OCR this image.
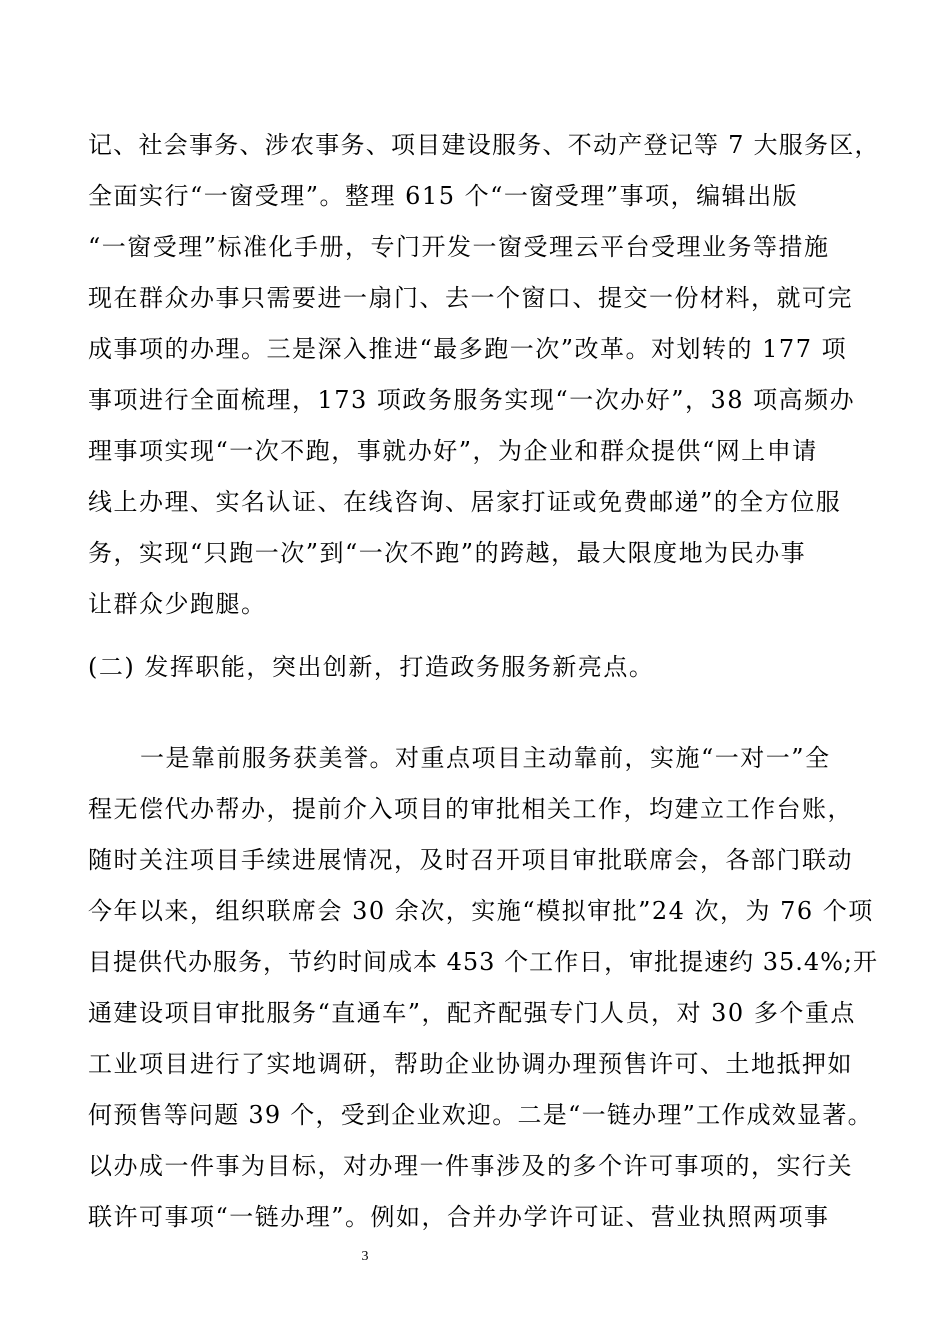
记、社会事务、涉农事务、项目建设服务、不动产登记等 7 大服务区，
全面实行“一窗受理”。整理 615 个“一窗受理”事项，编辑出版
“一窗受理”标准化手册，专门开发一窗受理云平台受理业务等措施
现在群众办事只需要进一扇门、去一个窗口、提交一份材料，就可完
成事项的办理。三是深入推进“最多跑一次”改革。对划转的 177 项
事项进行全面梳理，173 项政务服务实现“一次办好”，38 项高频办
理事项实现“一次不跑，事就办好”，为企业和群众提供“网上申请
线上办理、实名认证、在线咨询、居家打证或免费邮递”的全方位服
务，实现“只跑一次”到“一次不跑”的跨越，最大限度地为民办事
让群众少跑腿。
(二) 发挥职能，突出创新，打造政务服务新亮点。
一是靠前服务获美誉。对重点项目主动靠前，实施“一对一”全
程无偿代办帮办，提前介入项目的审批相关工作，均建立工作台账，
随时关注项目手续进展情况，及时召开项目审批联席会，各部门联动
今年以来，组织联席会 30 余次，实施“模拟审批”24 次，为 76 个项
目提供代办服务，节约时间成本 453 个工作日，审批提速约 35.4%;开
通建设项目审批服务“直通车”，配齐配强专门人员，对 30 多个重点
工业项目进行了实地调研，帮助企业协调办理预售许可、土地抵押如
何预售等问题 39 个，受到企业欢迎。二是“一链办理”工作成效显著。
以办成一件事为目标，对办理一件事涉及的多个许可事项的，实行关
联许可事项“一链办理”。例如，合并办学许可证、营业执照两项事
3
